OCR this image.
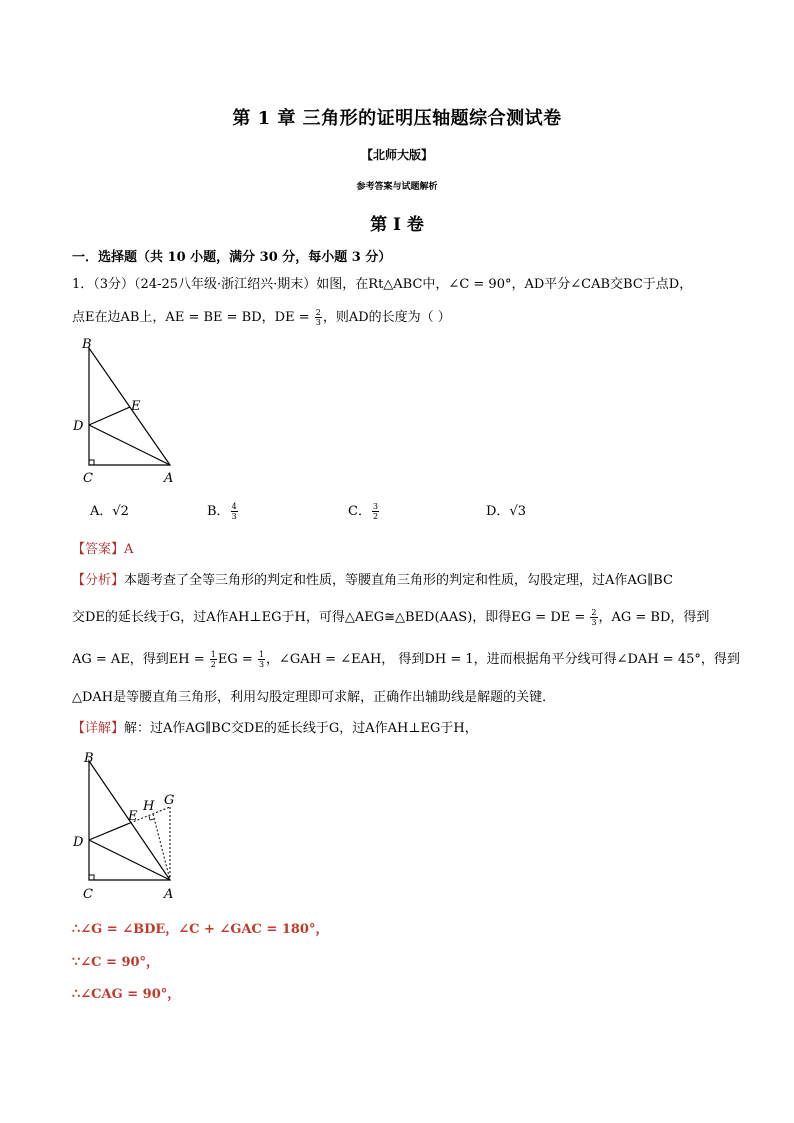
第 1 章 三角形的证明压轴题综合测试卷
【北师大版】
参考答案与试题解析
第 I 卷
一．选择题（共 10 小题，满分 30 分，每小题 3 分）
1．（3分）（24-25八年级·浙江绍兴·期末）如图，在Rt△ABC中，∠C = 90°，AD平分∠CAB交BC于点D，
点E在边AB上，AE = BE = BD，DE = $\frac{2}{3}$ ，则AD的长度为（ ）
B
E
D
C	A
A．√2	B． $\frac{4}{3}$	C． $\frac{3}{2}$	D．√3
【答案】A
【分析】本题考查了全等三角形的判定和性质，等腰直角三角形的判定和性质，勾股定理，过A作AG∥BC
交DE的延长线于G，过A作AH⊥EG于H，可得△AEG≅△BED(AAS)，即得EG = DE = $\frac{2}{3}$ ，AG = BD，得到
AG = AE，得到EH = $\frac{1}{2}$ EG = $\frac{1}{3}$ ，∠GAH = ∠EAH， 得到DH = 1，进而根据角平分线可得∠DAH = 45°，得到
△DAH是等腰直角三角形，利用勾股定理即可求解，正确作出辅助线是解题的关键．
【详解】解：过A作AG∥BC交DE的延长线于G，过A作AH⊥EG于H，
B
H G
E
D
C	A
∴∠G = ∠BDE，∠C + ∠GAC = 180°，
∵∠C = 90°，
∴∠CAG = 90°，
